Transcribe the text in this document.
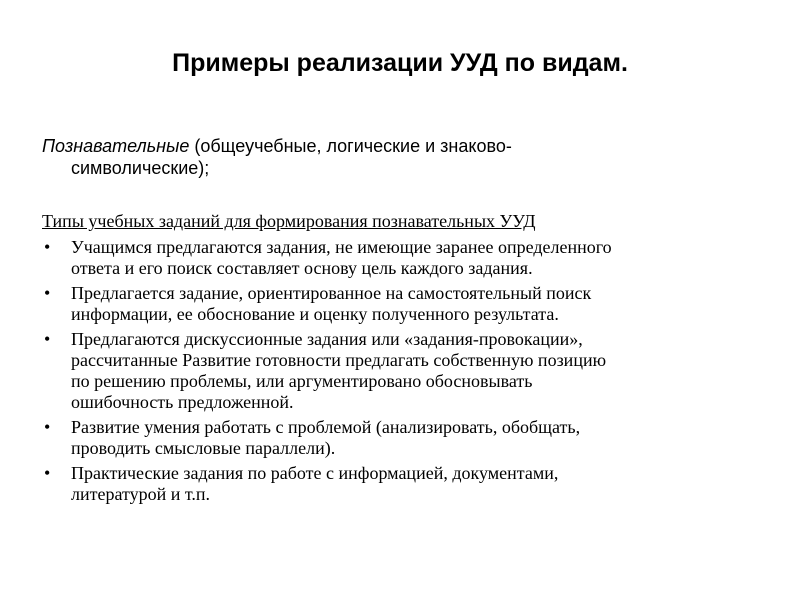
Примеры реализации УУД по видам.
Познавательные (общеучебные, логические и знаково-
символические);
Типы учебных заданий для формирования познавательных УУД
• Учащимся предлагаются задания, не имеющие заранее определенного
ответа и его поиск составляет основу цель каждого задания.
• Предлагается задание, ориентированное на самостоятельный поиск
информации, ее обоснование и оценку полученного результата.
• Предлагаются дискуссионные задания или «задания-провокации»,
рассчитанные Развитие готовности предлагать собственную позицию
по решению проблемы, или аргументировано обосновывать
ошибочность предложенной.
• Развитие умения работать с проблемой (анализировать, обобщать,
проводить смысловые параллели).
• Практические задания по работе с информацией, документами,
литературой и т.п.
